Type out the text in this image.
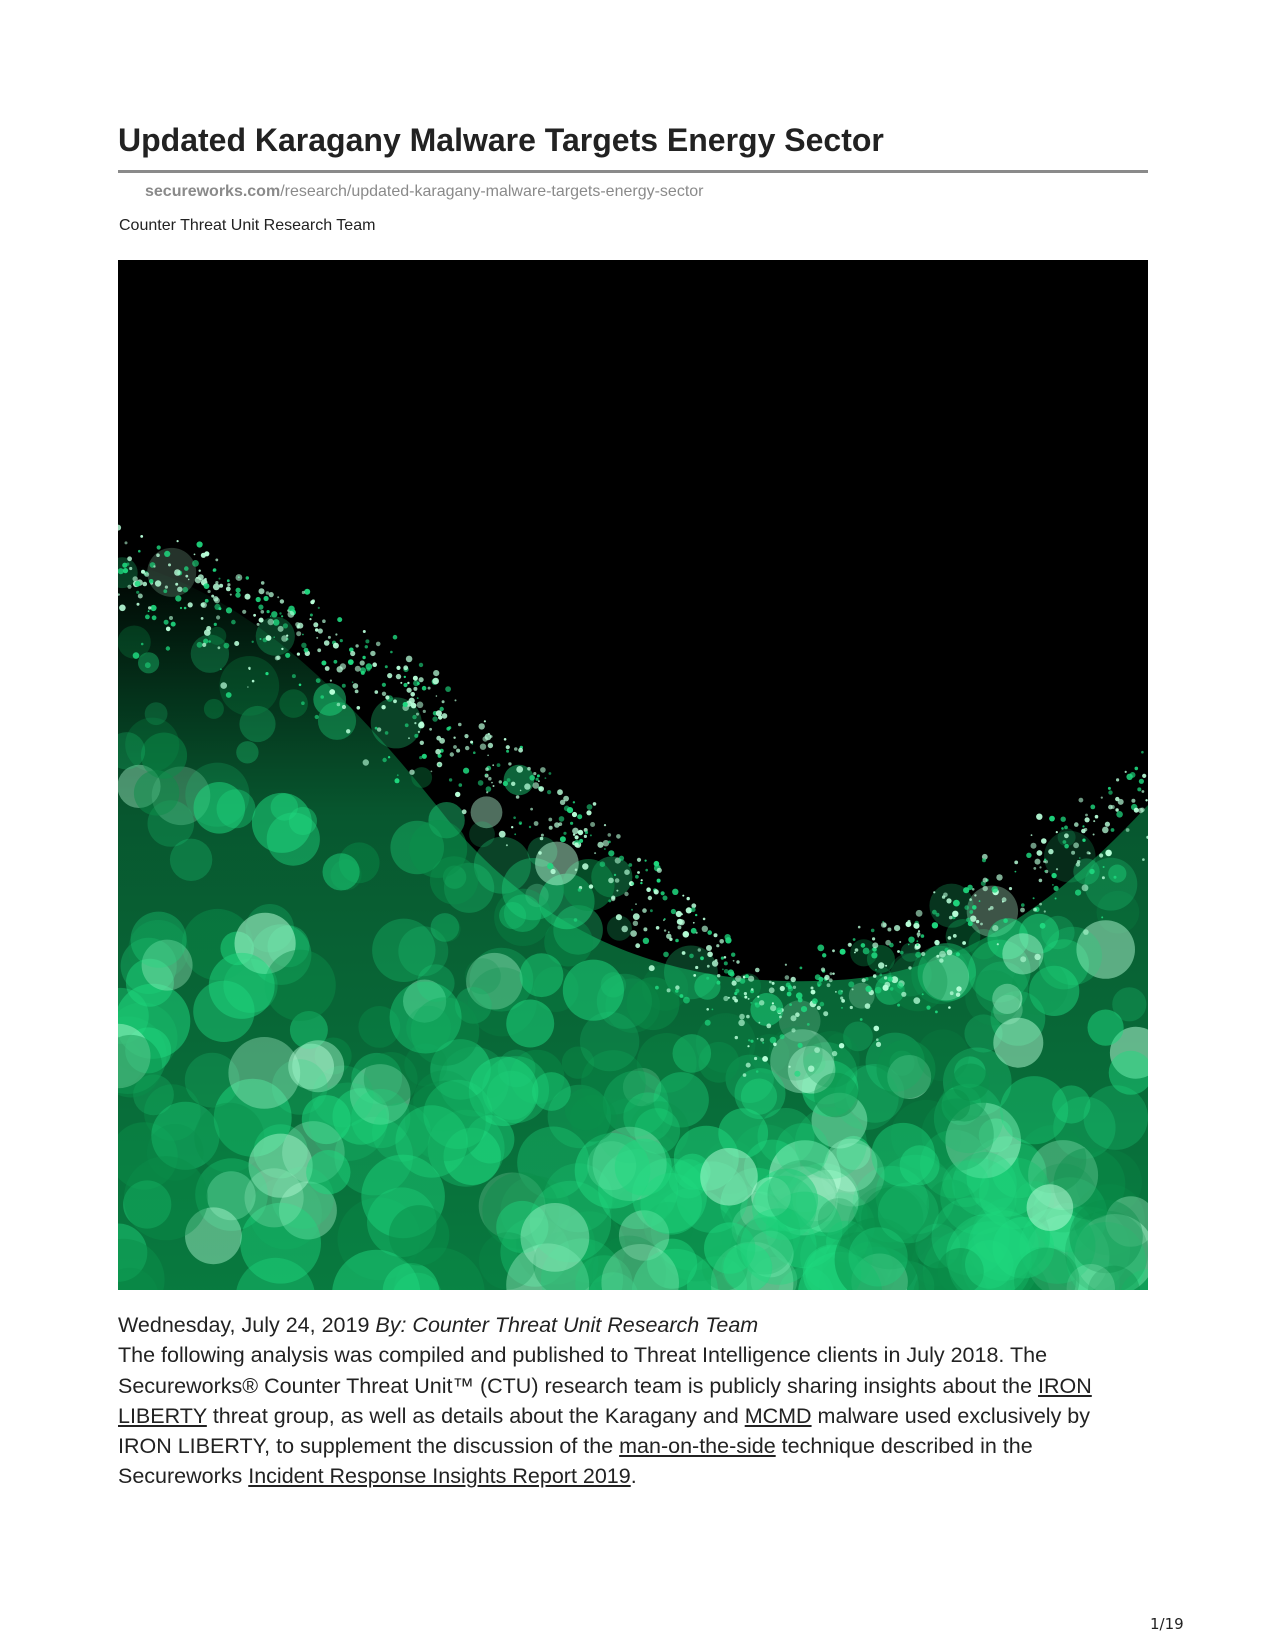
Updated Karagany Malware Targets Energy Sector
secureworks.com/research/updated-karagany-malware-targets-energy-sector
Counter Threat Unit Research Team

Wednesday, July 24, 2019 By: Counter Threat Unit Research Team

The following analysis was compiled and published to Threat Intelligence clients in July 2018. The Secureworks® Counter Threat Unit™ (CTU) research team is publicly sharing insights about the IRON LIBERTY threat group, as well as details about the Karagany and MCMD malware used exclusively by IRON LIBERTY, to supplement the discussion of the man-on-the-side technique described in the Secureworks Incident Response Insights Report 2019.

1/19
